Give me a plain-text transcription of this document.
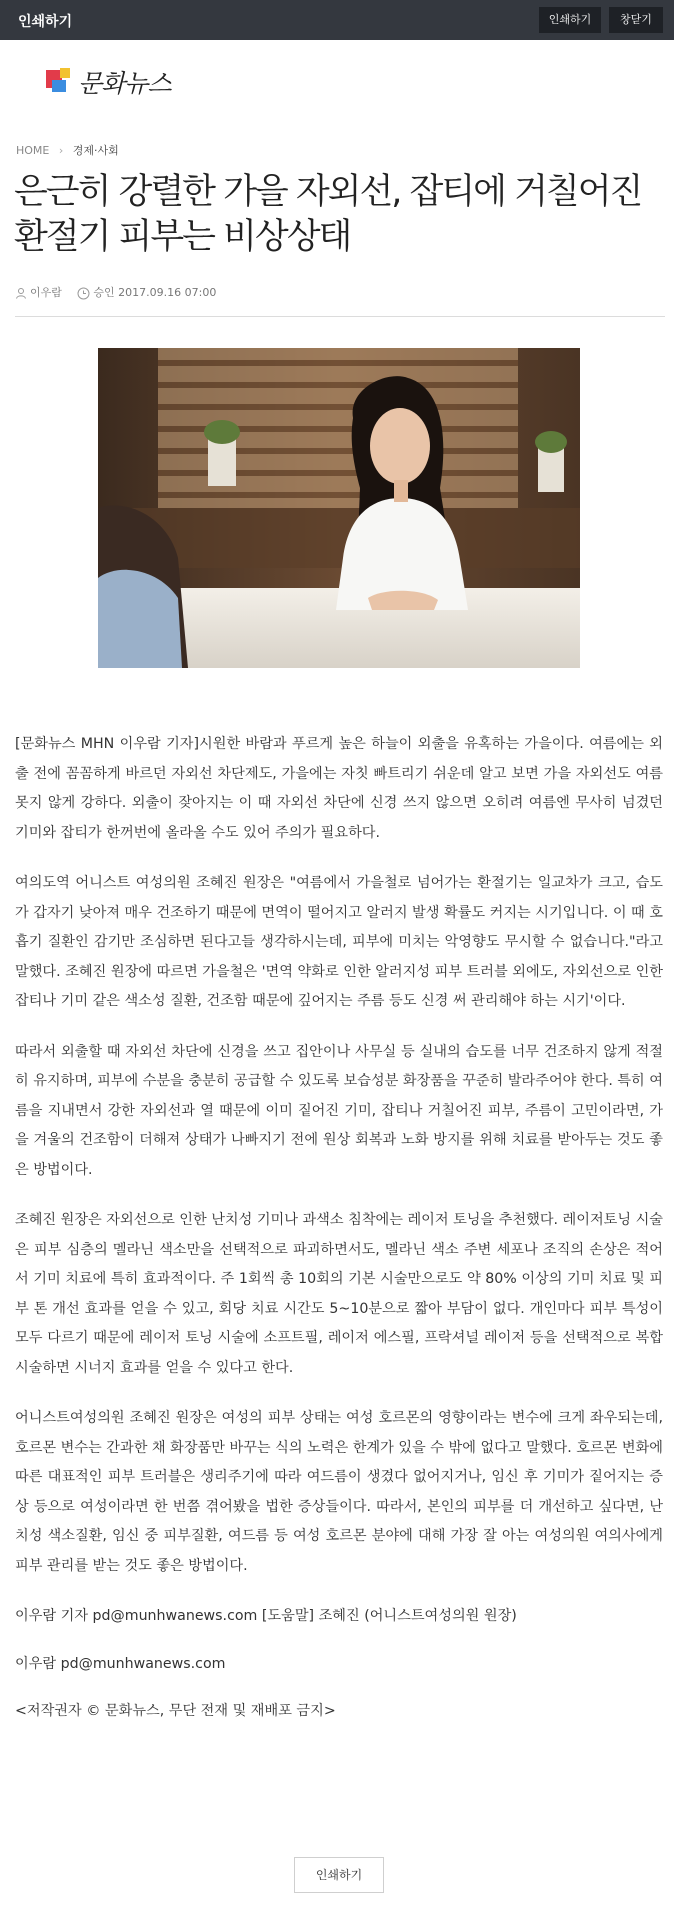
인쇄하기	인쇄하기	창닫기
문화뉴스
HOME › 경제·사회
은근히 강렬한 가을 자외선, 잡티에 거칠어진 환절기 피부는 비상상태
이우람	승인 2017.09.16 07:00

[문화뉴스 MHN 이우람 기자]시원한 바람과 푸르게 높은 하늘이 외출을 유혹하는 가을이다. 여름에는 외출 전에 꼼꼼하게 바르던 자외선 차단제도, 가을에는 자칫 빠트리기 쉬운데 알고 보면 가을 자외선도 여름 못지 않게 강하다. 외출이 잦아지는 이 때 자외선 차단에 신경 쓰지 않으면 오히려 여름엔 무사히 넘겼던 기미와 잡티가 한꺼번에 올라올 수도 있어 주의가 필요하다.

여의도역 어니스트 여성의원 조혜진 원장은 "여름에서 가을철로 넘어가는 환절기는 일교차가 크고, 습도가 갑자기 낮아져 매우 건조하기 때문에 면역이 떨어지고 알러지 발생 확률도 커지는 시기입니다. 이 때 호흡기 질환인 감기만 조심하면 된다고들 생각하시는데, 피부에 미치는 악영향도 무시할 수 없습니다."라고 말했다. 조혜진 원장에 따르면 가을철은 '면역 약화로 인한 알러지성 피부 트러블 외에도, 자외선으로 인한 잡티나 기미 같은 색소성 질환, 건조함 때문에 깊어지는 주름 등도 신경 써 관리해야 하는 시기'이다.

따라서 외출할 때 자외선 차단에 신경을 쓰고 집안이나 사무실 등 실내의 습도를 너무 건조하지 않게 적절히 유지하며, 피부에 수분을 충분히 공급할 수 있도록 보습성분 화장품을 꾸준히 발라주어야 한다. 특히 여름을 지내면서 강한 자외선과 열 때문에 이미 짙어진 기미, 잡티나 거칠어진 피부, 주름이 고민이라면, 가을 겨울의 건조함이 더해져 상태가 나빠지기 전에 원상 회복과 노화 방지를 위해 치료를 받아두는 것도 좋은 방법이다.

조혜진 원장은 자외선으로 인한 난치성 기미나 과색소 침착에는 레이저 토닝을 추천했다. 레이저토닝 시술은 피부 심층의 멜라닌 색소만을 선택적으로 파괴하면서도, 멜라닌 색소 주변 세포나 조직의 손상은 적어서 기미 치료에 특히 효과적이다. 주 1회씩 총 10회의 기본 시술만으로도 약 80% 이상의 기미 치료 및 피부 톤 개선 효과를 얻을 수 있고, 회당 치료 시간도 5~10분으로 짧아 부담이 없다. 개인마다 피부 특성이 모두 다르기 때문에 레이저 토닝 시술에 소프트필, 레이저 에스필, 프락셔널 레이저 등을 선택적으로 복합 시술하면 시너지 효과를 얻을 수 있다고 한다.

어니스트여성의원 조혜진 원장은 여성의 피부 상태는 여성 호르몬의 영향이라는 변수에 크게 좌우되는데, 호르몬 변수는 간과한 채 화장품만 바꾸는 식의 노력은 한계가 있을 수 밖에 없다고 말했다. 호르몬 변화에 따른 대표적인 피부 트러블은 생리주기에 따라 여드름이 생겼다 없어지거나, 임신 후 기미가 짙어지는 증상 등으로 여성이라면 한 번쯤 겪어봤을 법한 증상들이다. 따라서, 본인의 피부를 더 개선하고 싶다면, 난치성 색소질환, 임신 중 피부질환, 여드름 등 여성 호르몬 분야에 대해 가장 잘 아는 여성의원 여의사에게 피부 관리를 받는 것도 좋은 방법이다.

이우람 기자 pd@munhwanews.com [도움말] 조혜진 (어니스트여성의원 원장)

이우람 pd@munhwanews.com

<저작권자 © 문화뉴스, 무단 전재 및 재배포 금지>

인쇄하기
